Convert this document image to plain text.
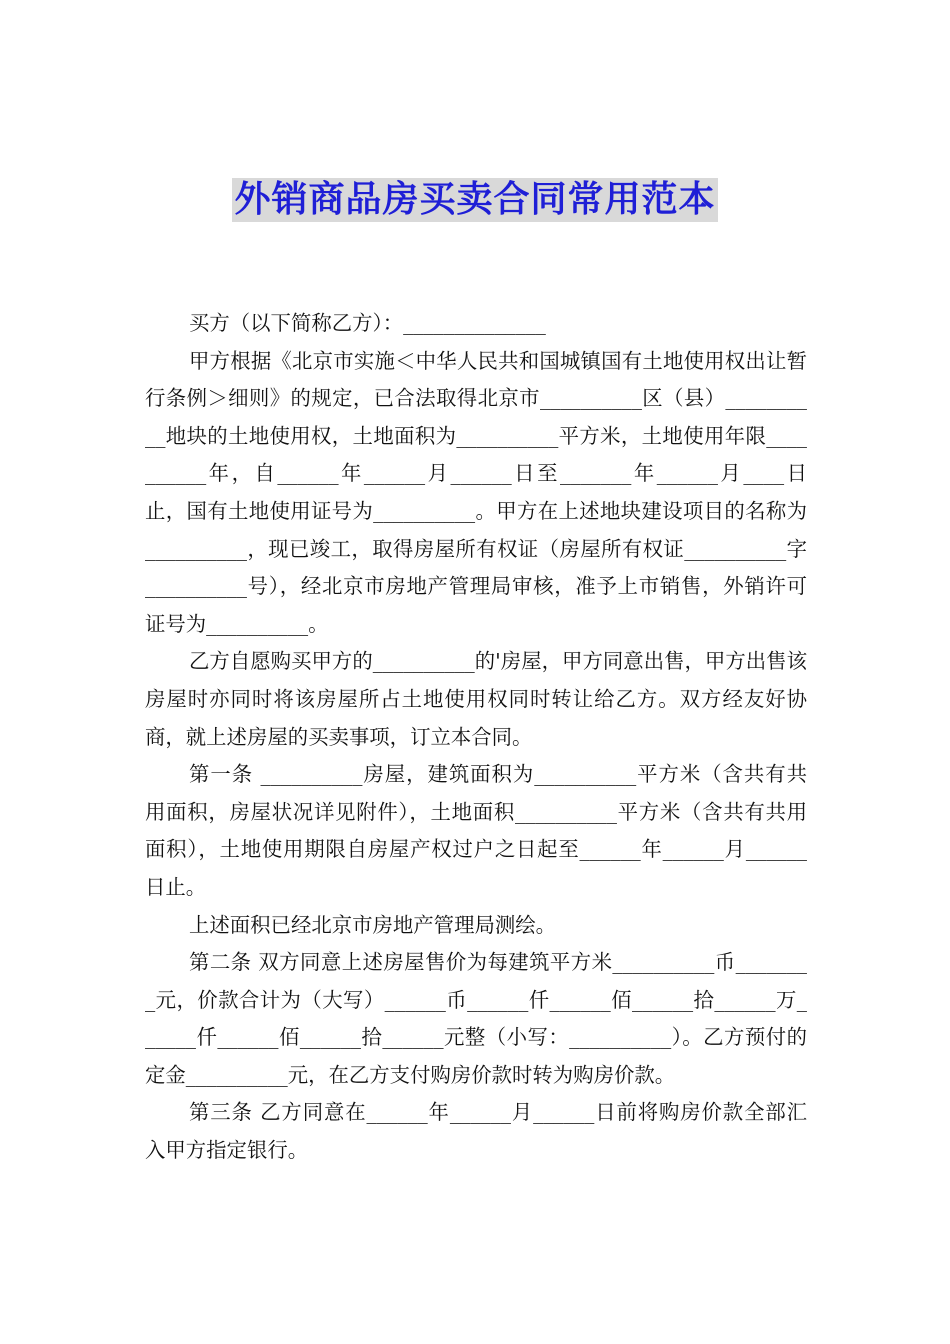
外销商品房买卖合同常用范本

买方（以下简称乙方）：______________

甲方根据《北京市实施＜中华人民共和国城镇国有土地使用权出让暂行条例＞细则》的规定，已合法取得北京市__________区（县）__________地块的土地使用权，土地面积为__________平方米，土地使用年限__________年，自______年______月______日至_______年______月____日止，国有土地使用证号为__________。甲方在上述地块建设项目的名称为__________，现已竣工，取得房屋所有权证（房屋所有权证__________字__________号），经北京市房地产管理局审核，准予上市销售，外销许可证号为__________。

乙方自愿购买甲方的__________的'房屋，甲方同意出售，甲方出售该房屋时亦同时将该房屋所占土地使用权同时转让给乙方。双方经友好协商，就上述房屋的买卖事项，订立本合同。

第一条 __________房屋，建筑面积为__________平方米（含共有共用面积，房屋状况详见附件），土地面积__________平方米（含共有共用面积），土地使用期限自房屋产权过户之日起至______年______月______日止。

上述面积已经北京市房地产管理局测绘。

第二条 双方同意上述房屋售价为每建筑平方米__________币________元，价款合计为（大写）______币______仟______佰______拾______万______仟______佰______拾______元整（小写：__________）。乙方预付的定金__________元，在乙方支付购房价款时转为购房价款。

第三条 乙方同意在______年______月______日前将购房价款全部汇入甲方指定银行。
